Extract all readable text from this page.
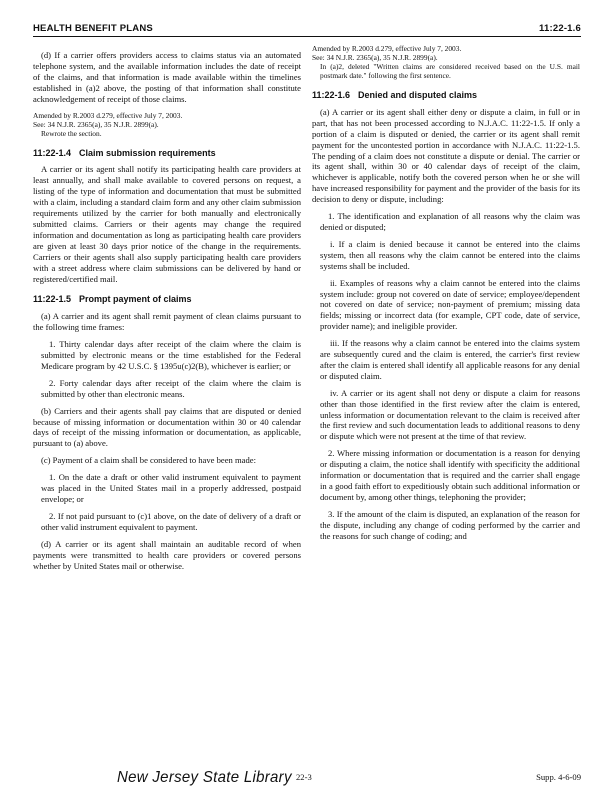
HEALTH BENEFIT PLANS	11:22-1.6

(d) If a carrier offers providers access to claims status via an automated telephone system, and the available information includes the date of receipt of the claims, and that information is made available within the timelines established in (a)2 above, the posting of that information shall constitute acknowledgement of receipt of those claims.

Amended by R.2003 d.279, effective July 7, 2003.
See: 34 N.J.R. 2365(a), 35 N.J.R. 2899(a).
Rewrote the section.
11:22-1.4 Claim submission requirements

A carrier or its agent shall notify its participating health care providers at least annually, and shall make available to covered persons on request, a listing of the type of information and documentation that must be submitted with a claim, including a standard claim form and any other claim submission requirements utilized by the carrier for both manually and electronically submitted claims. Carriers or their agents may change the required information and documentation as long as participating health care providers are given at least 30 days prior notice of the change in the requirements. Carriers or their agents shall also supply participating health care providers with a street address where claim submissions can be delivered by hand or registered/certified mail.

11:22-1.5 Prompt payment of claims

(a) A carrier and its agent shall remit payment of clean claims pursuant to the following time frames:

1. Thirty calendar days after receipt of the claim where the claim is submitted by electronic means or the time established for the Federal Medicare program by 42 U.S.C. § 1395u(c)2(B), whichever is earlier; or

2. Forty calendar days after receipt of the claim where the claim is submitted by other than electronic means.

(b) Carriers and their agents shall pay claims that are disputed or denied because of missing information or documentation within 30 or 40 calendar days of receipt of the missing information or documentation, as applicable, pursuant to (a) above.

(c) Payment of a claim shall be considered to have been made:

1. On the date a draft or other valid instrument equivalent to payment was placed in the United States mail in a properly addressed, postpaid envelope; or

2. If not paid pursuant to (c)1 above, on the date of delivery of a draft or other valid instrument equivalent to payment.

(d) A carrier or its agent shall maintain an auditable record of when payments were transmitted to health care providers or covered persons whether by United States mail or otherwise.

Amended by R.2003 d.279, effective July 7, 2003.
See: 34 N.J.R. 2365(a), 35 N.J.R. 2899(a).
In (a)2, deleted "Written claims are considered received based on the U.S. mail postmark date." following the first sentence.
11:22-1.6 Denied and disputed claims

(a) A carrier or its agent shall either deny or dispute a claim, in full or in part, that has not been processed according to N.J.A.C. 11:22-1.5. If only a portion of a claim is disputed or denied, the carrier or its agent shall remit payment for the uncontested portion in accordance with N.J.A.C. 11:22-1.5. The pending of a claim does not constitute a dispute or denial. The carrier or its agent shall, within 30 or 40 calendar days of receipt of the claim, whichever is applicable, notify both the covered person when he or she will have increased responsibility for payment and the provider of the basis for its decision to deny or dispute, including:

1. The identification and explanation of all reasons why the claim was denied or disputed;

i. If a claim is denied because it cannot be entered into the claims system, then all reasons why the claim cannot be entered into the claims systems shall be included.

ii. Examples of reasons why a claim cannot be entered into the claims system include: group not covered on date of service; employee/dependent not covered on date of service; non-payment of premium; missing data fields; missing or incorrect data (for example, CPT code, date of service, provider name); and ineligible provider.

iii. If the reasons why a claim cannot be entered into the claims system are subsequently cured and the claim is entered, the carrier's first review after the claim is entered shall identify all applicable reasons for any denial or disputed claim.

iv. A carrier or its agent shall not deny or dispute a claim for reasons other than those identified in the first review after the claim is entered, unless information or documentation relevant to the claim is received after the first review and such documentation leads to additional reasons to deny or dispute which were not present at the time of that review.

2. Where missing information or documentation is a reason for denying or disputing a claim, the notice shall identify with specificity the additional information or documentation that is required and the carrier shall engage in a good faith effort to expeditiously obtain such additional information or document by, among other things, telephoning the provider;

3. If the amount of the claim is disputed, an explanation of the reason for the dispute, including any change of coding performed by the carrier and the reasons for such change of coding; and

New Jersey State Library 22-3	Supp. 4-6-09
